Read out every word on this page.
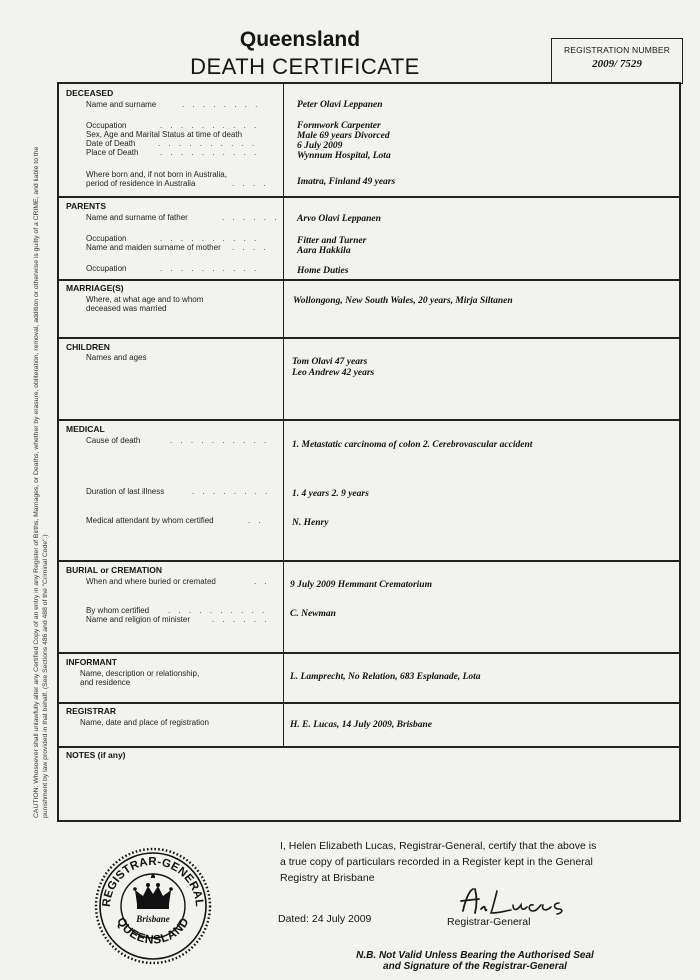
Queensland
DEATH CERTIFICATE
REGISTRATION NUMBER
2009/ 7529
CAUTION: Whosoever shall unlawfully alter any Certified Copy of an entry in any Register of Births, Marriages, or Deaths, whether by erasure, obliteration, removal, addition or otherwise is guilty of a CRIME, and liable to the punishment by law provided in that behalf. (See Sections 486 and 488 of the "Criminal Code".)
DECEASED
Name and surname	. . . . . . . .	Peter Olavi Leppanen
Occupation	. . . . . . . . . .	Formwork Carpenter
Sex, Age and Marital Status at time of death	Male 69 years Divorced
Date of Death	. . . . . . . . . .	6 July 2009
Place of Death	. . . . . . . . . .	Wynnum Hospital, Lota
Where born and, if not born in Australia,
period of residence in Australia	. . . .	Imatra, Finland 49 years
PARENTS
Name and surname of father	. . . . . . Arvo Olavi Leppanen
Occupation	. . . . . . . . . .	Fitter and Turner
Name and maiden surname of mother . . . .	Aara Hakkila
Occupation	. . . . . . . . . .	Home Duties
MARRIAGE(S)
Where, at what age and to whom
deceased was married
Wollongong, New South Wales, 20 years, Mirja Siltanen
CHILDREN
Names and ages	Tom Olavi 47 years
Leo Andrew 42 years
MEDICAL
Cause of death	. . . . . . . . . . 1. Metastatic carcinoma of colon 2. Cerebrovascular accident
Duration of last illness	. . . . . . . . 1. 4 years 2. 9 years
Medical attendant by whom certified	. .	N. Henry
BURIAL or CREMATION
When and where buried or cremated	. . 9 July 2009 Hemmant Crematorium
By whom certified . . . . . . . . . . C. Newman
Name and religion of minister	. . . . . .
INFORMANT
Name, description or relationship,
and residence
L. Lamprecht, No Relation, 683 Esplanade, Lota
REGISTRAR
Name, date and place of registration	H. E. Lucas, 14 July 2009, Brisbane
NOTES (if any)
I, Helen Elizabeth Lucas, Registrar-General, certify that the above is
a true copy of particulars recorded in a Register kept in the General
Registry at Brisbane
Dated: 24 July 2009	Registrar-General
N.B. Not Valid Unless Bearing the Authorised Seal
and Signature of the Registrar-General
REGISTRAR-GENERAL
QUEENSLAND
Brisbane
